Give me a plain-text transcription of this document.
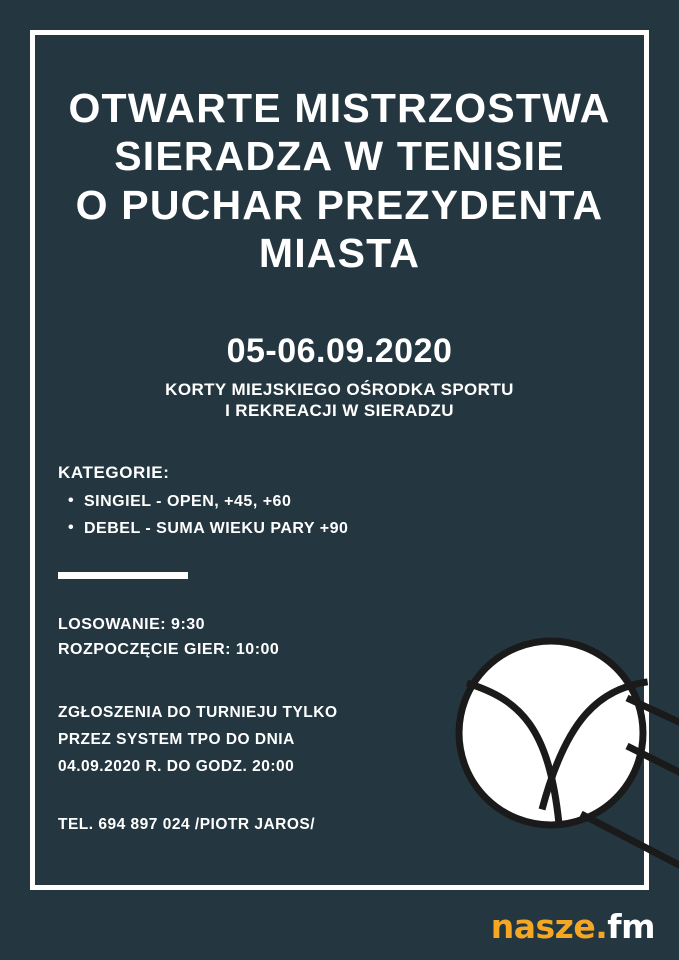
OTWARTE MISTRZOSTWA
SIERADZA W TENISIE
O PUCHAR PREZYDENTA
MIASTA
05-06.09.2020
KORTY MIEJSKIEGO OŚRODKA SPORTU
I REKREACJI W SIERADZU
KATEGORIE:
• SINGIEL - OPEN, +45, +60
• DEBEL - SUMA WIEKU PARY +90
LOSOWANIE: 9:30
ROZPOCZĘCIE GIER: 10:00
ZGŁOSZENIA DO TURNIEJU TYLKO
PRZEZ SYSTEM TPO DO DNIA
04.09.2020 R. DO GODZ. 20:00
TEL. 694 897 024 /PIOTR JAROS/
nasze.fm
